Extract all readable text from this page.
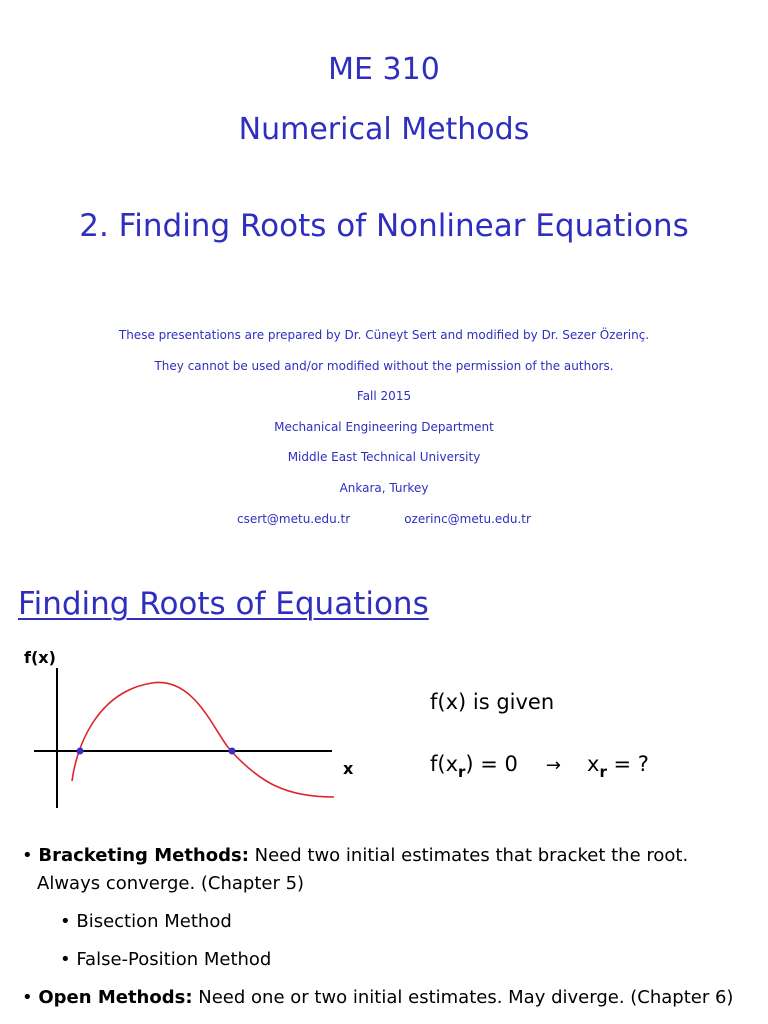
ME 310
Numerical Methods
2. Finding Roots of Nonlinear Equations
These presentations are prepared by Dr. Cüneyt Sert and modified by Dr. Sezer Özerinç.
They cannot be used and/or modified without the permission of the authors.
Fall 2015
Mechanical Engineering Department
Middle East Technical University
Ankara, Turkey
csert@metu.edu.tr	ozerinc@metu.edu.tr
Finding Roots of Equations
f(x)
x
f(x) is given
$f(x_r) = 0 \to x_r$ = ?
• Bracketing Methods: Need two initial estimates that bracket the root. Always converge. (Chapter 5)
• Bisection Method
• False-Position Method
• Open Methods: Need one or two initial estimates. May diverge. (Chapter 6)
